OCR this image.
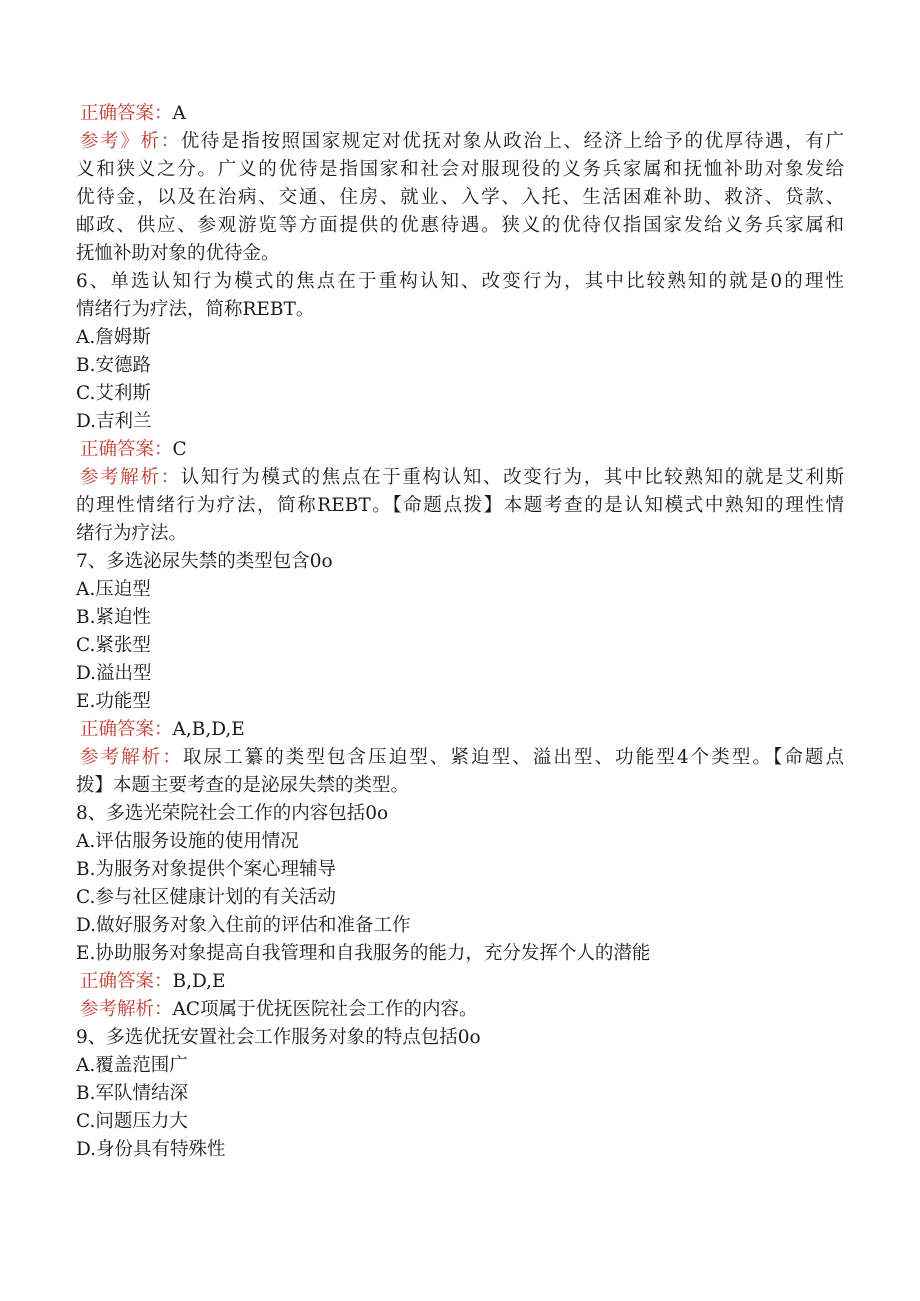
正确答案：A
参考》析：优待是指按照国家规定对优抚对象从政治上、经济上给予的优厚待遇，有广
义和狭义之分。广义的优待是指国家和社会对服现役的义务兵家属和抚恤补助对象发给
优待金，以及在治病、交通、住房、就业、入学、入托、生活困难补助、救济、贷款、
邮政、供应、参观游览等方面提供的优惠待遇。狭义的优待仅指国家发给义务兵家属和
抚恤补助对象的优待金。
6、单选认知行为模式的焦点在于重构认知、改变行为，其中比较熟知的就是0的理性
情绪行为疗法，简称REBT。
A.詹姆斯
B.安德路
C.艾利斯
D.吉利兰
正确答案：C
参考解析：认知行为模式的焦点在于重构认知、改变行为，其中比较熟知的就是艾利斯
的理性情绪行为疗法，简称REBT。【命题点拨】本题考查的是认知模式中熟知的理性情
绪行为疗法。
7、多选泌尿失禁的类型包含0o
A.压迫型
B.紧迫性
C.紧张型
D.溢出型
E.功能型
正确答案：A,B,D,E
参考解析：取尿工纂的类型包含压迫型、紧迫型、溢出型、功能型4个类型。【命题点
拨】本题主要考查的是泌尿失禁的类型。
8、多选光荣院社会工作的内容包括0o
A.评估服务设施的使用情况
B.为服务对象提供个案心理辅导
C.参与社区健康计划的有关活动
D.做好服务对象入住前的评估和准备工作
E.协助服务对象提高自我管理和自我服务的能力，充分发挥个人的潜能
正确答案：B,D,E
参考解析：AC项属于优抚医院社会工作的内容。
9、多选优抚安置社会工作服务对象的特点包括0o
A.覆盖范围广
B.军队情结深
C.问题压力大
D.身份具有特殊性
